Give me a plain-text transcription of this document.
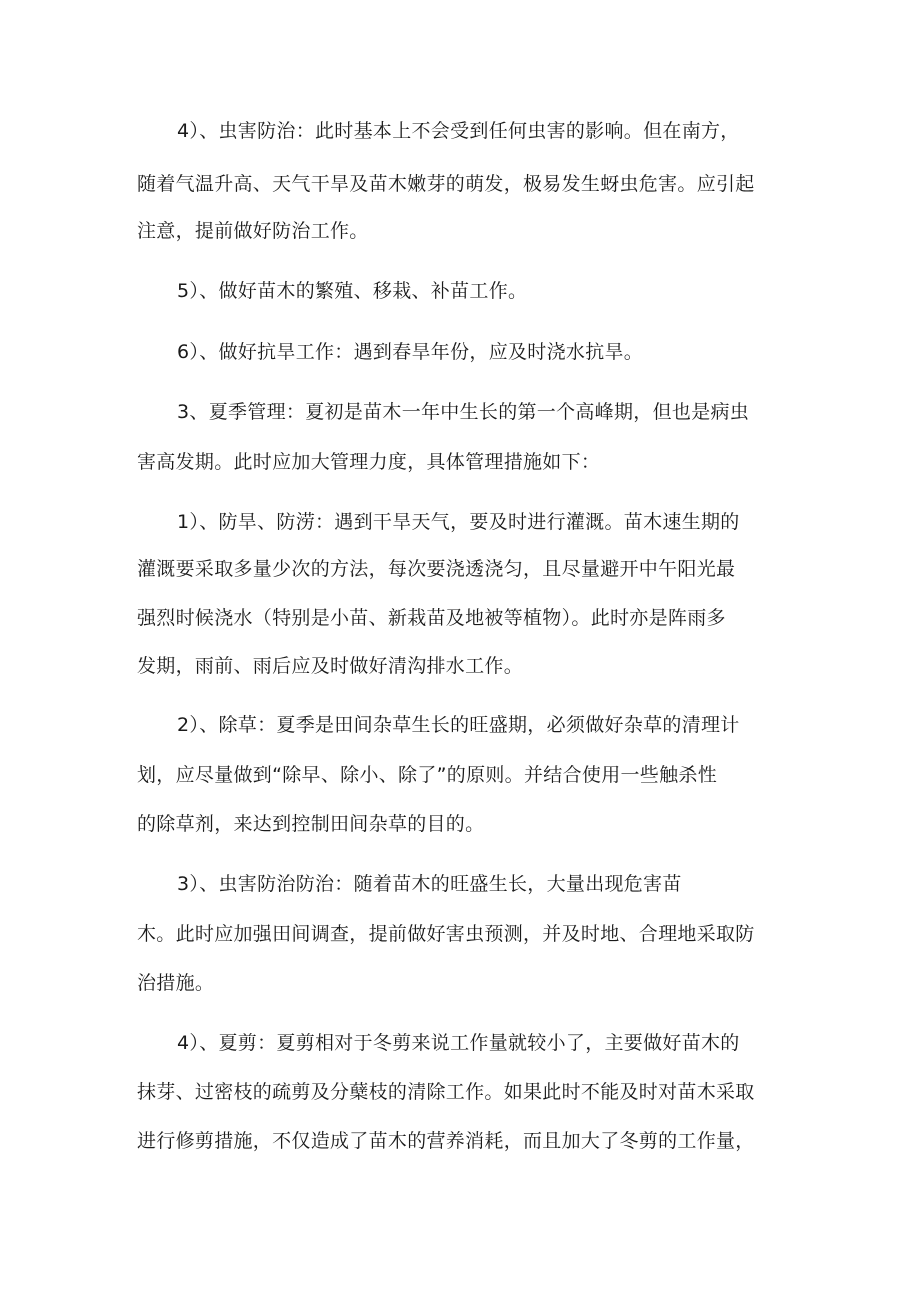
4）、虫害防治：此时基本上不会受到任何虫害的影响。但在南方，
随着气温升高、天气干旱及苗木嫩芽的萌发，极易发生蚜虫危害。应引起
注意，提前做好防治工作。
5）、做好苗木的繁殖、移栽、补苗工作。
6）、做好抗旱工作：遇到春旱年份，应及时浇水抗旱。
3、夏季管理：夏初是苗木一年中生长的第一个高峰期，但也是病虫
害高发期。此时应加大管理力度，具体管理措施如下：
1）、防旱、防涝：遇到干旱天气，要及时进行灌溉。苗木速生期的
灌溉要采取多量少次的方法，每次要浇透浇匀，且尽量避开中午阳光最
强烈时候浇水（特别是小苗、新栽苗及地被等植物）。此时亦是阵雨多
发期，雨前、雨后应及时做好清沟排水工作。
2）、除草：夏季是田间杂草生长的旺盛期，必须做好杂草的清理计
划，应尽量做到“除早、除小、除了”的原则。并结合使用一些触杀性
的除草剂，来达到控制田间杂草的目的。
3）、虫害防治防治：随着苗木的旺盛生长，大量出现危害苗
木。此时应加强田间调查，提前做好害虫预测，并及时地、合理地采取防
治措施。
4）、夏剪：夏剪相对于冬剪来说工作量就较小了，主要做好苗木的
抹芽、过密枝的疏剪及分蘖枝的清除工作。如果此时不能及时对苗木采取
进行修剪措施，不仅造成了苗木的营养消耗，而且加大了冬剪的工作量，
